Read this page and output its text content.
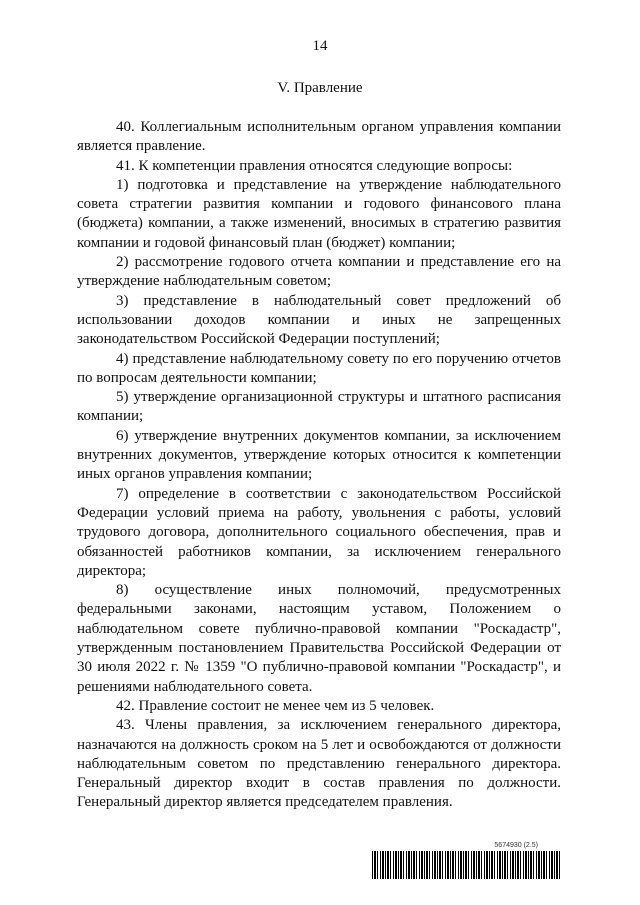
14
V. Правление

40. Коллегиальным исполнительным органом управления компании является правление.

41. К компетенции правления относятся следующие вопросы:

1) подготовка и представление на утверждение наблюдательного совета стратегии развития компании и годового финансового плана (бюджета) компании, а также изменений, вносимых в стратегию развития компании и годовой финансовый план (бюджет) компании;

2) рассмотрение годового отчета компании и представление его на утверждение наблюдательным советом;

3) представление в наблюдательный совет предложений об использовании доходов компании и иных не запрещенных законодательством Российской Федерации поступлений;

4) представление наблюдательному совету по его поручению отчетов по вопросам деятельности компании;

5) утверждение организационной структуры и штатного расписания компании;

6) утверждение внутренних документов компании, за исключением внутренних документов, утверждение которых относится к компетенции иных органов управления компании;

7) определение в соответствии с законодательством Российской Федерации условий приема на работу, увольнения с работы, условий трудового договора, дополнительного социального обеспечения, прав и обязанностей работников компании, за исключением генерального директора;

8) осуществление иных полномочий, предусмотренных федеральными законами, настоящим уставом, Положением о наблюдательном совете публично-правовой компании "Роскадастр", утвержденным постановлением Правительства Российской Федерации от 30 июля 2022 г. № 1359 "О публично-правовой компании "Роскадастр", и решениями наблюдательного совета.

42. Правление состоит не менее чем из 5 человек.

43. Члены правления, за исключением генерального директора, назначаются на должность сроком на 5 лет и освобождаются от должности наблюдательным советом по представлению генерального директора. Генеральный директор входит в состав правления по должности. Генеральный директор является председателем правления.

5674930 (2.5)
